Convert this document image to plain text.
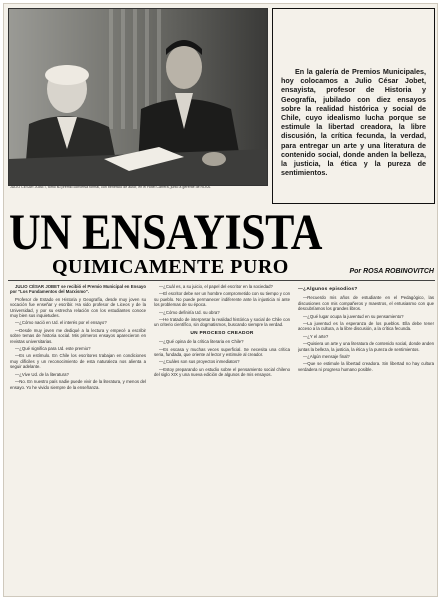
JULIO CÉSAR JOBET, tomo su premio conversa formal, con beneficio de autor, en el Hotel Carrera, junto a gerente de RLKA.

En la galería de Premios Municipales, hoy colocamos a Julio César Jobet, ensayista, profesor de Historia y Geografía, jubilado con diez ensayos sobre la realidad histórica y social de Chile, cuyo idealismo lucha porque se estimule la libertad creadora, la libre discusión, la crítica fecunda, la verdad, para entregar un arte y una literatura de contenido social, donde anden la belleza, la justicia, la ética y la pureza de sentimientos.

UN ENSAYISTA
QUIMICAMENTE PURO	Por ROSA ROBINOVITCH

JULIO CÉSAR JOBET se recibió el Premio Municipal en Ensayo por "Los Fundamentos del Marxismo".

Profesor de Estado en Historia y Geografía, desde muy joven su vocación fue enseñar y escribir. Ha sido profesor de Liceos y de la Universidad, y por su estrecha relación con los estudiantes conoce muy bien sus inquietudes.

—¿Cómo nació en Ud. el interés por el ensayo?

—Desde muy joven me dediqué a la lectura y empecé a escribir sobre temas de historia social. Mis primeros ensayos aparecieron en revistas universitarias.

—¿Qué significa para Ud. este premio?

—Es un estímulo. En Chile los escritores trabajan en condiciones muy difíciles y un reconocimiento de esta naturaleza nos alienta a seguir adelante.

—¿Vive Ud. de la literatura?

—No. En nuestro país nadie puede vivir de la literatura, y menos del ensayo. Yo he vivido siempre de la enseñanza.

—¿Cuál es, a su juicio, el papel del escritor en la sociedad?

—El escritor debe ser un hombre comprometido con su tiempo y con su pueblo. No puede permanecer indiferente ante la injusticia ni ante los problemas de su época.

—¿Cómo definiría Ud. su obra?

—He tratado de interpretar la realidad histórica y social de Chile con un criterio científico, sin dogmatismos, buscando siempre la verdad.

UN PROCESO CREADOR

—¿Qué opina de la crítica literaria en Chile?

—Es escasa y muchas veces superficial. Se necesita una crítica seria, fundada, que oriente al lector y estimule al creador.

—¿Cuáles son sus proyectos inmediatos?

—Estoy preparando un estudio sobre el pensamiento social chileno del siglo XIX y una nueva edición de algunos de mis ensayos.

—¿Algunos episodios?

—Recuerdo mis años de estudiante en el Pedagógico, las discusiones con mis compañeros y maestros, el entusiasmo con que descubríamos los grandes libros.

—¿Qué lugar ocupa la juventud en su pensamiento?

—La juventud es la esperanza de los pueblos. Ella debe tener acceso a la cultura, a la libre discusión, a la crítica fecunda.

—¿Y el arte?

—Quisiera un arte y una literatura de contenido social, donde anden juntas la belleza, la justicia, la ética y la pureza de sentimientos.

—¿Algún mensaje final?

—Que se estimule la libertad creadora. Sin libertad no hay cultura verdadera ni progreso humano posible.
